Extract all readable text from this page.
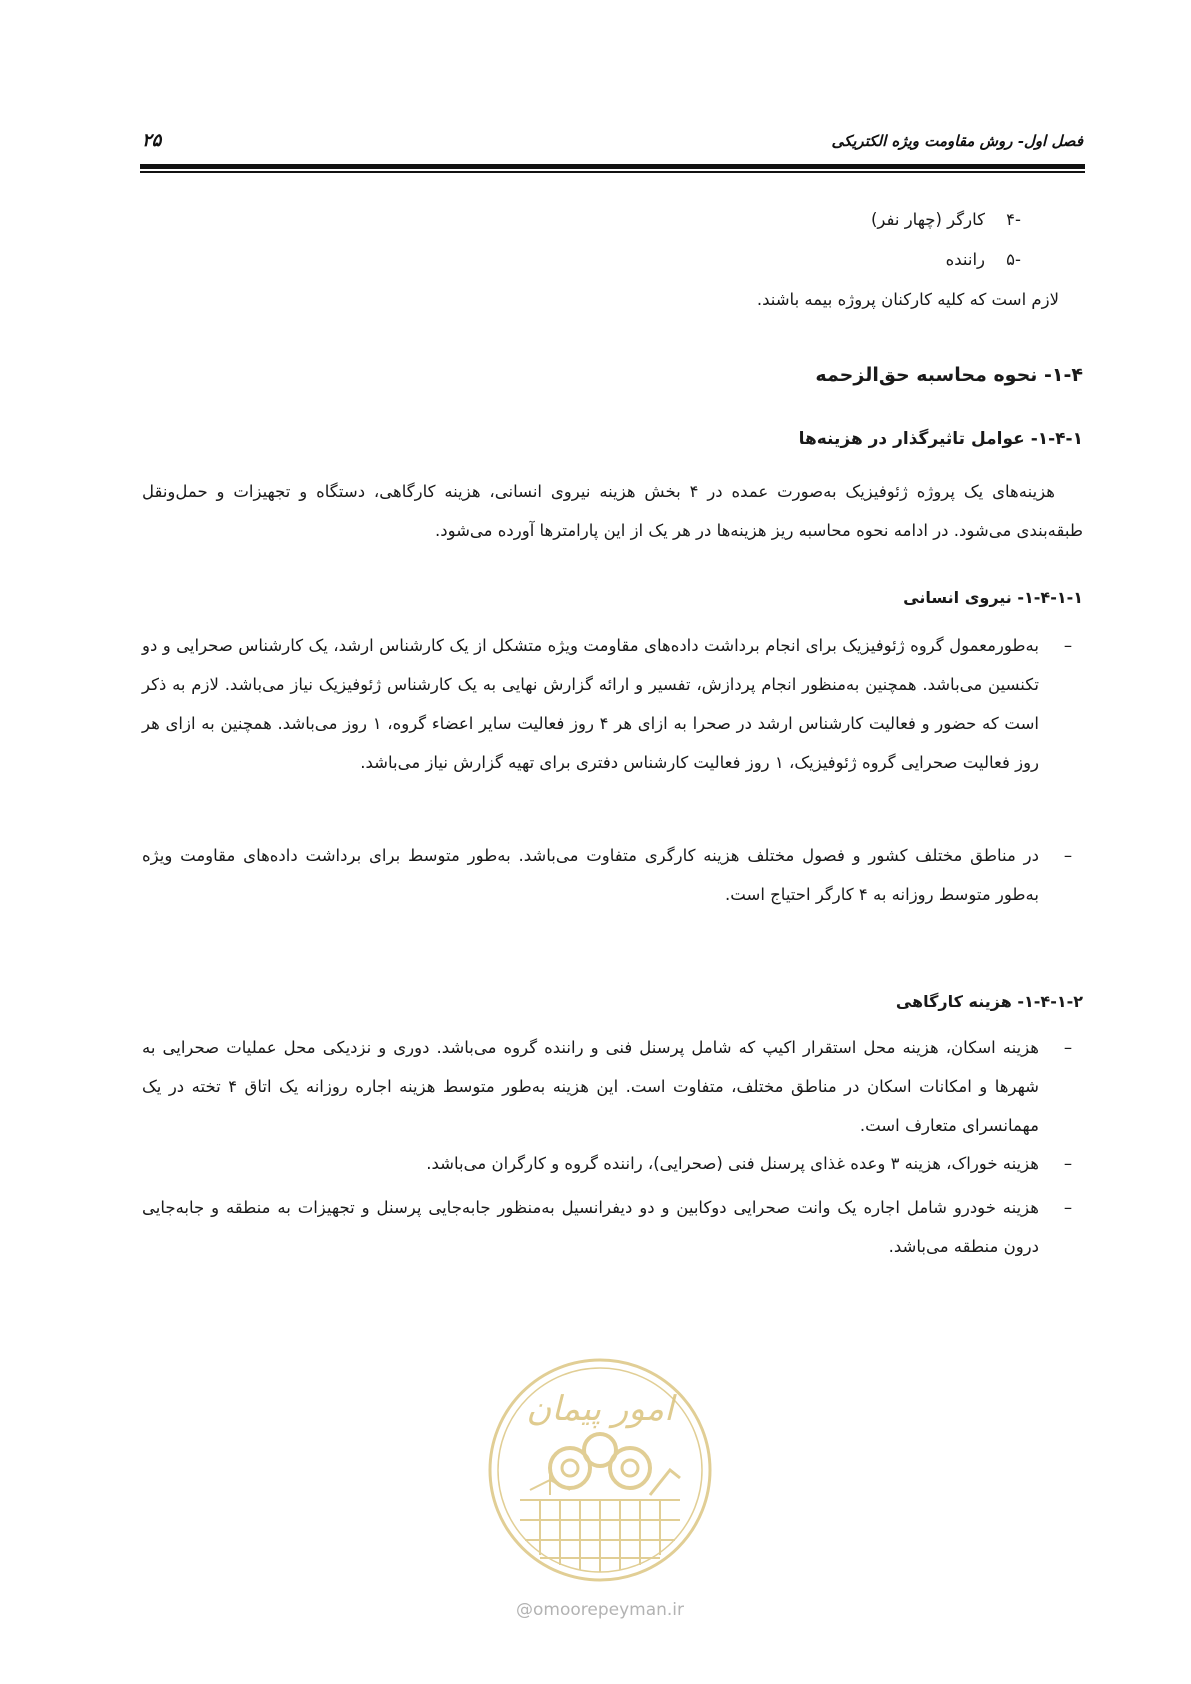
فصل اول- روش مقاومت ویژه الکتریکی
۲۵
-۴کارگر (چهار نفر)
-۵راننده
لازم است که کلیه کارکنان پروژه بیمه باشند.
۱-۴- نحوه محاسبه حق‌الزحمه
۱-۴-۱- عوامل تاثیرگذار در هزینه‌ها
هزینه‌های یک پروژه ژئوفیزیک به‌صورت عمده در ۴ بخش هزینه نیروی انسانی، هزینه کارگاهی، دستگاه و تجهیزات و حمل‌ونقل طبقه‌بندی می‌شود. در ادامه نحوه محاسبه ریز هزینه‌ها در هر یک از این پارامترها آورده می‌شود.
۱-۴-۱-۱- نیروی انسانی
–
به‌طورمعمول گروه ژئوفیزیک برای انجام برداشت داده‌های مقاومت ویژه متشکل از یک کارشناس ارشد، یک کارشناس صحرایی و دو تکنسین می‌باشد. همچنین به‌منظور انجام پردازش، تفسیر و ارائه گزارش نهایی به یک کارشناس ژئوفیزیک نیاز می‌باشد. لازم به ذکر است که حضور و فعالیت کارشناس ارشد در صحرا به ازای هر ۴ روز فعالیت سایر اعضاء گروه، ۱ روز می‌باشد. همچنین به ازای هر روز فعالیت صحرایی گروه ژئوفیزیک، ۱ روز فعالیت کارشناس دفتری برای تهیه گزارش نیاز می‌باشد.
–
در مناطق مختلف کشور و فصول مختلف هزینه کارگری متفاوت می‌باشد. به‌طور متوسط برای برداشت داده‌های مقاومت ویژه به‌طور متوسط روزانه به ۴ کارگر احتیاج است.
۱-۴-۱-۲- هزینه کارگاهی
–
هزینه اسکان، هزینه محل استقرار اکیپ که شامل پرسنل فنی و راننده گروه می‌باشد. دوری و نزدیکی محل عملیات صحرایی به شهرها و امکانات اسکان در مناطق مختلف، متفاوت است. این هزینه به‌طور متوسط هزینه اجاره روزانه یک اتاق ۴ تخته در یک مهمانسرای متعارف است.
–
هزینه خوراک، هزینه ۳ وعده غذای پرسنل فنی (صحرایی)، راننده گروه و کارگران می‌باشد.
–
هزینه خودرو شامل اجاره یک وانت صحرایی دوکابین و دو دیفرانسیل به‌منظور جابه‌جایی پرسنل و تجهیزات به منطقه و جابه‌جایی درون منطقه می‌باشد.
امور پیمان
@omoorepeyman.ir
